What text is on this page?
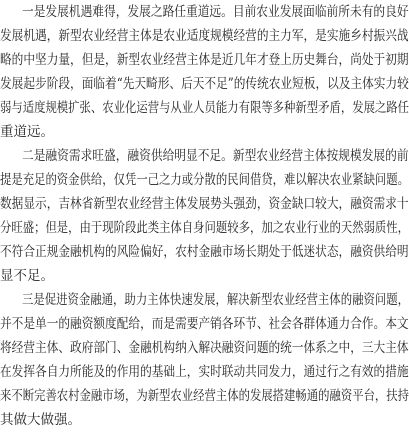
一是发展机遇难得，发展之路任重道远。目前农业发展面临前所未有的良好
发展机遇，新型农业经营主体是农业适度规模经营的主力军，是实施乡村振兴战
略的中坚力量，但是，新型农业经营主体是近几年才登上历史舞台，尚处于初期
发展起步阶段，面临着“先天畸形、后天不足”的传统农业短板，以及主体实力较
弱与适度规模扩张、农业化运营与从业人员能力有限等多种新型矛盾，发展之路任
重道远。
二是融资需求旺盛，融资供给明显不足。新型农业经营主体按规模发展的前
提是充足的资金供给，仅凭一己之力或分散的民间借贷，难以解决农业紧缺问题。
数据显示，吉林省新型农业经营主体发展势头强劲，资金缺口较大，融资需求十
分旺盛；但是，由于现阶段此类主体自身问题较多，加之农业行业的天然弱质性，
不符合正规金融机构的风险偏好，农村金融市场长期处于低迷状态，融资供给明
显不足。
三是促进资金融通，助力主体快速发展，解决新型农业经营主体的融资问题，
并不是单一的融资额度配给，而是需要产销各环节、社会各群体通力合作。本文
将经营主体、政府部门、金融机构纳入解决融资问题的统一体系之中，三大主体
在发挥各自力所能及的作用的基础上，实时联动共同发力，通过行之有效的措施
来不断完善农村金融市场，为新型农业经营主体的发展搭建畅通的融资平台，扶持
其做大做强。
